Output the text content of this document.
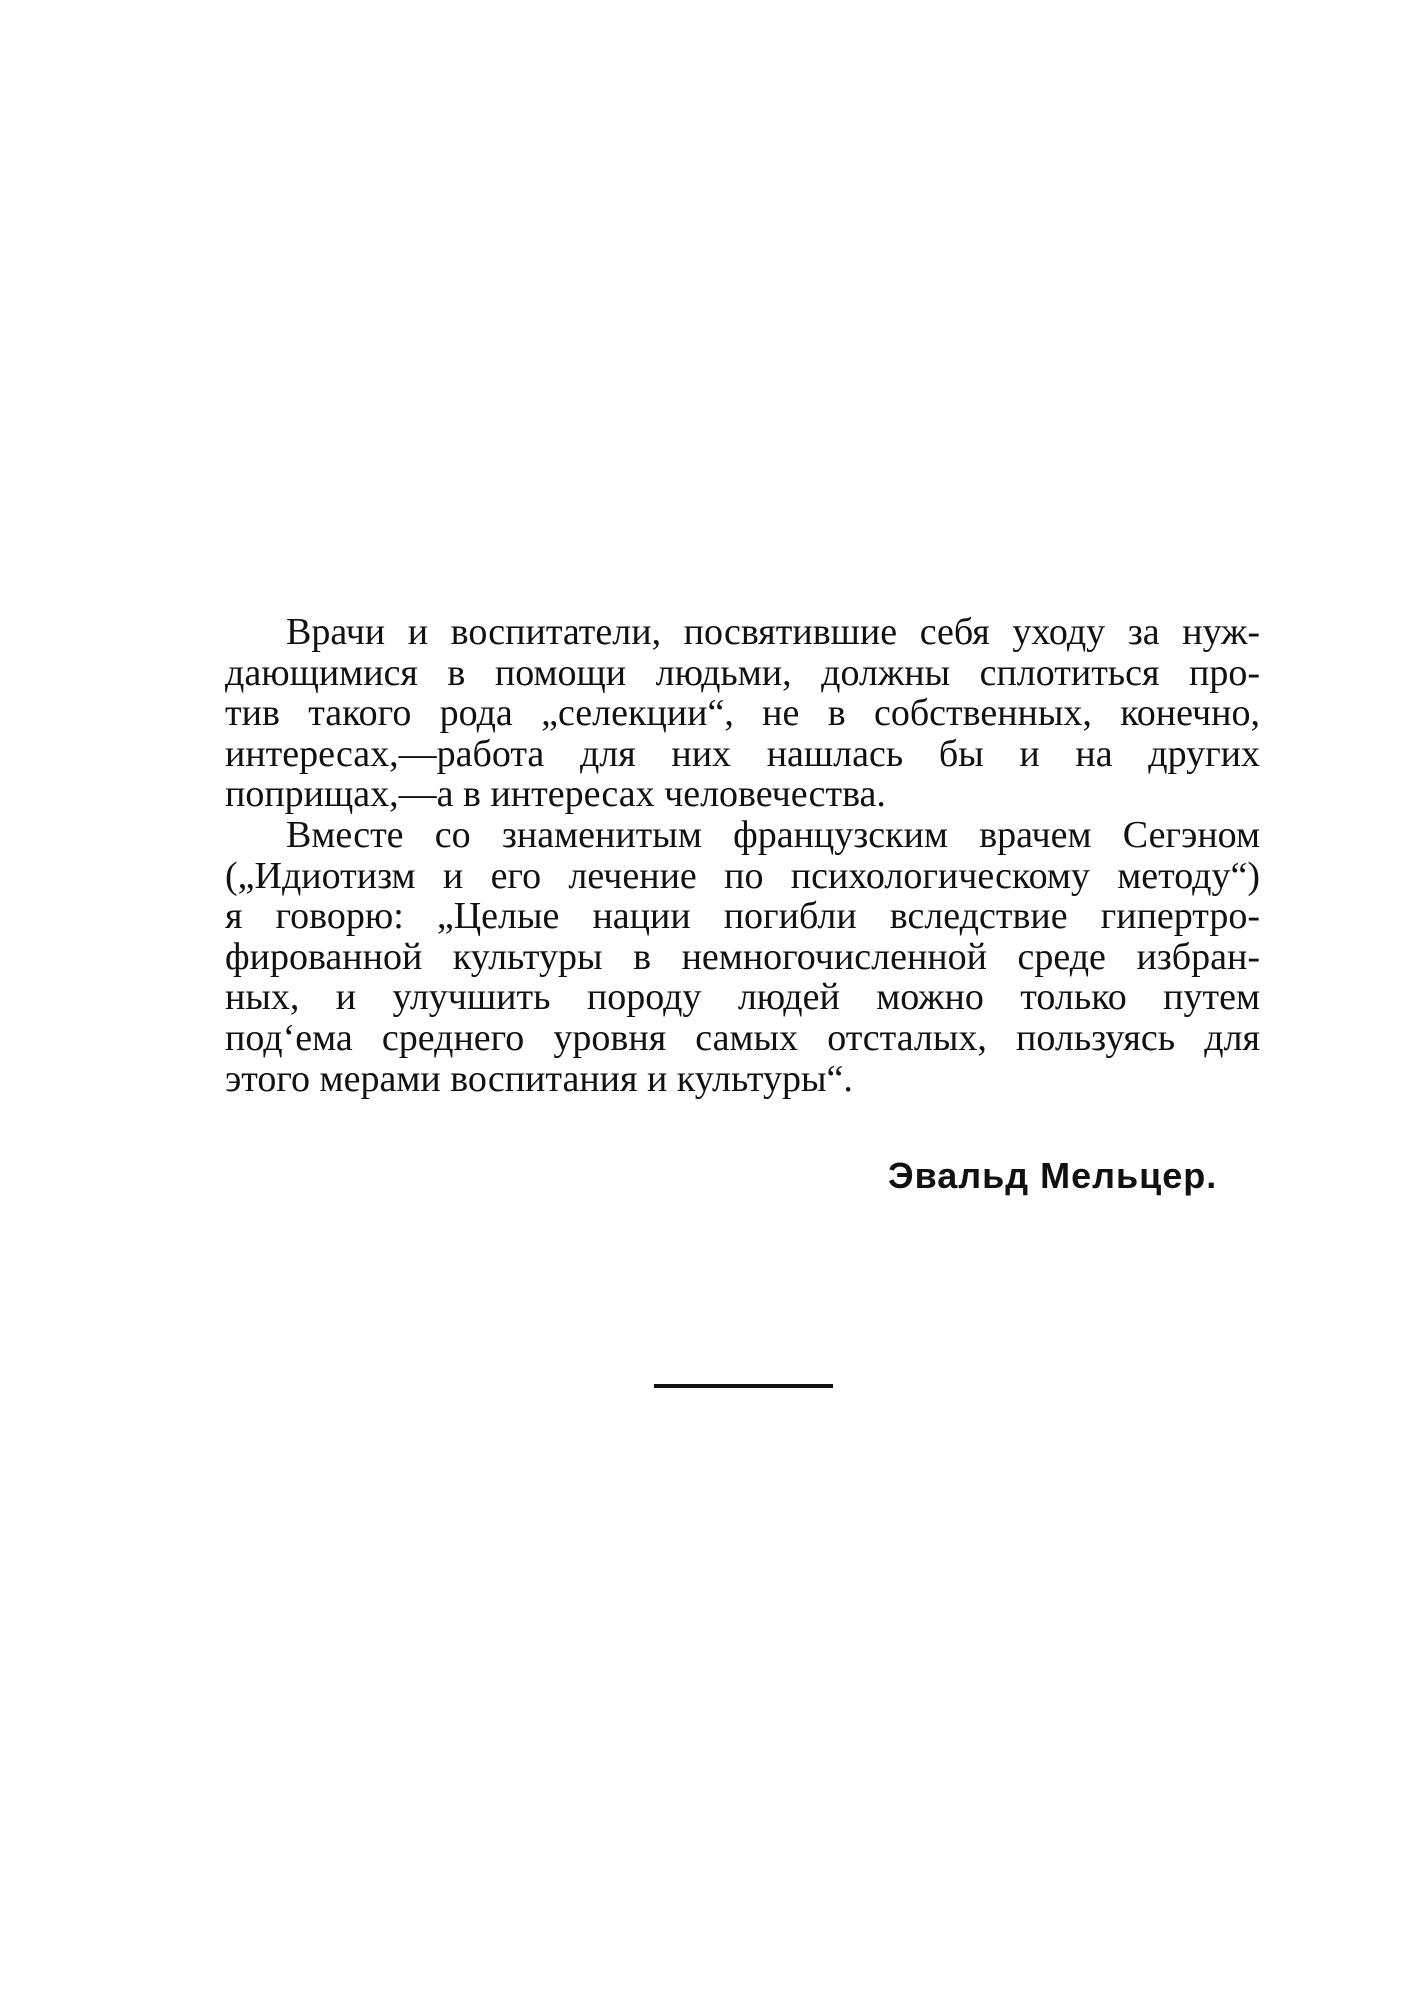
Врачи и воспитатели, посвятившие себя уходу за нуж-
дающимися в помощи людьми, должны сплотиться про-
тив такого рода „селекции“, не в собственных, конечно,
интересах,—работа для них нашлась бы и на других
поприщах,—а в интересах человечества.
Вместе со знаменитым французским врачем Сегэном
(„Идиотизм и его лечение по психологическому методу“)
я говорю: „Целые нации погибли вследствие гипертро-
фированной культуры в немногочисленной среде избран-
ных, и улучшить породу людей можно только путем
под‘ема среднего уровня самых отсталых, пользуясь для
этого мерами воспитания и культуры“.
Эвальд Мельцер.
